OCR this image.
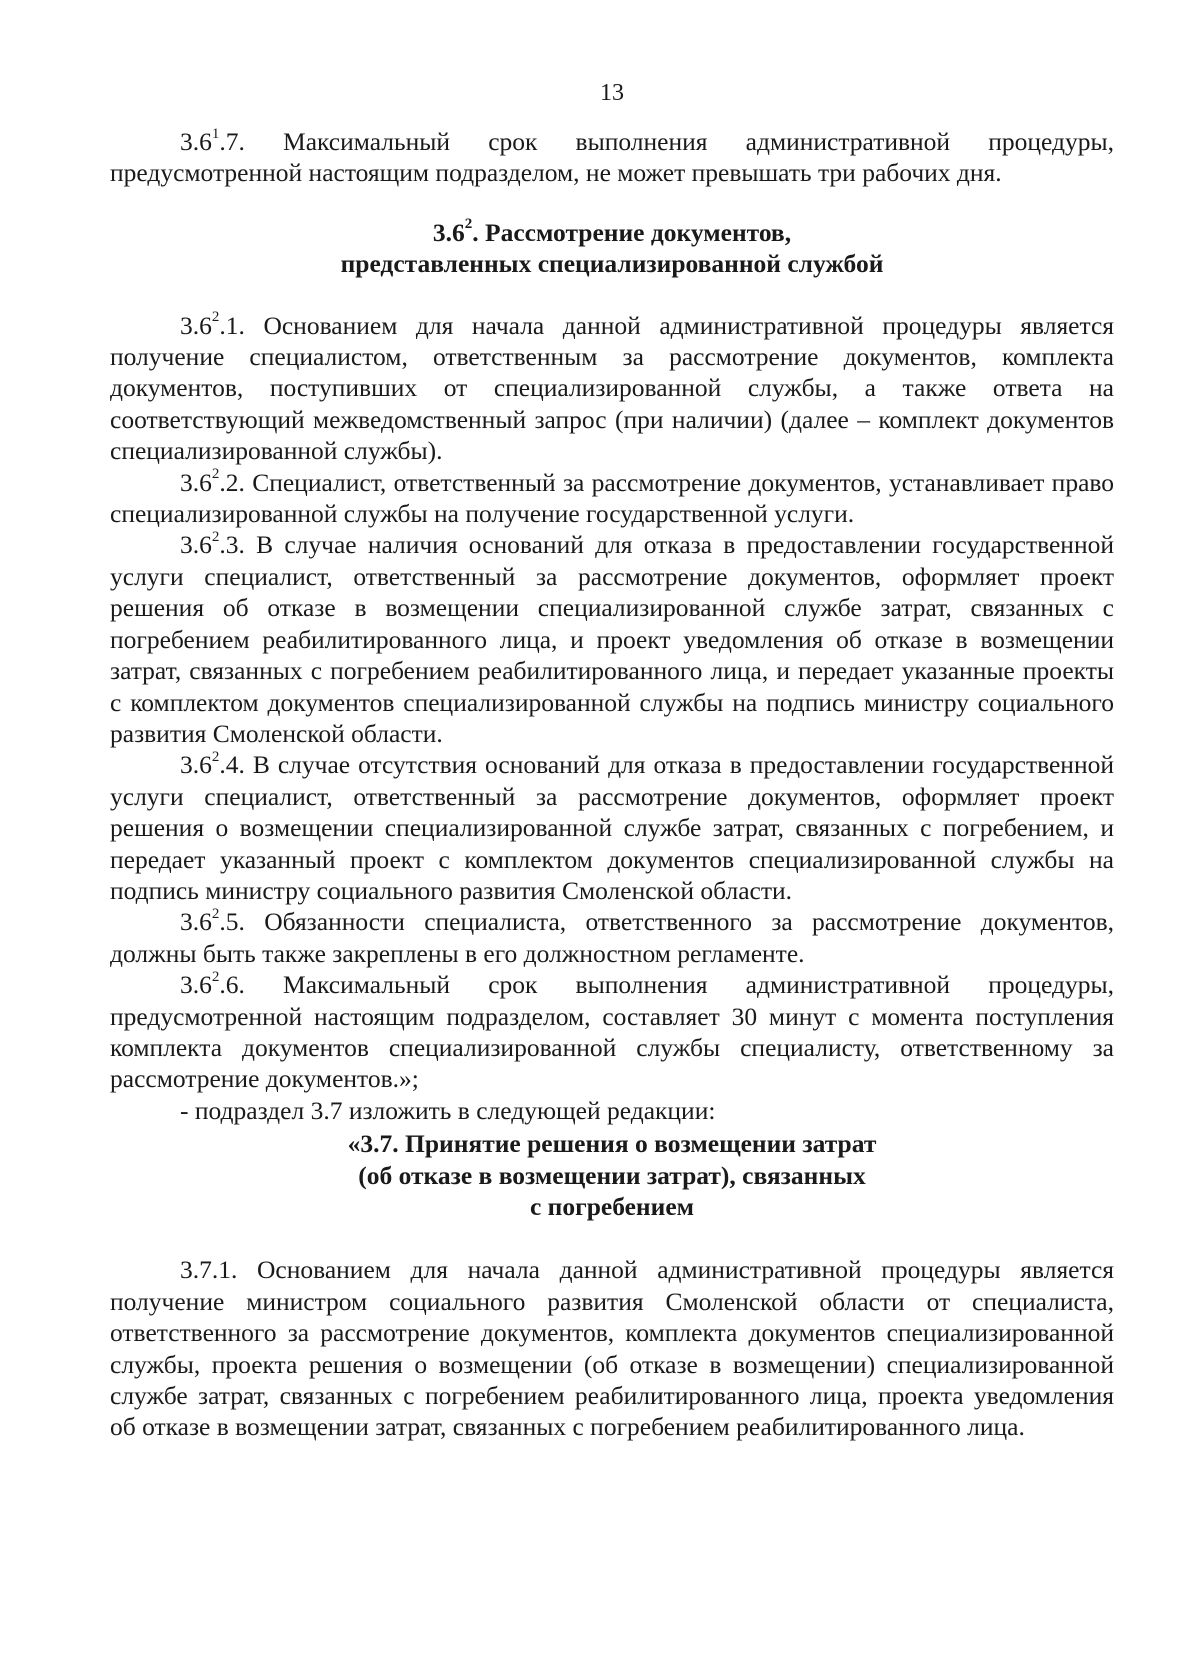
13

$3.6^1.7$. Максимальный срок выполнения административной процедуры, предусмотренной настоящим подразделом, не может превышать три рабочих дня.

$3.6^2$. Рассмотрение документов,

представленных специализированной службой

$3.6^2.1$. Основанием для начала данной административной процедуры является получение специалистом, ответственным за рассмотрение документов, комплекта документов, поступивших от специализированной службы, а также ответа на соответствующий межведомственный запрос (при наличии) (далее – комплект документов специализированной службы).

$3.6^2.2$. Специалист, ответственный за рассмотрение документов, устанавливает право специализированной службы на получение государственной услуги.

$3.6^2.3$. В случае наличия оснований для отказа в предоставлении государственной услуги специалист, ответственный за рассмотрение документов, оформляет проект решения об отказе в возмещении специализированной службе затрат, связанных с погребением реабилитированного лица, и проект уведомления об отказе в возмещении затрат, связанных с погребением реабилитированного лица, и передает указанные проекты с комплектом документов специализированной службы на подпись министру социального развития Смоленской области.

$3.6^2.4$. В случае отсутствия оснований для отказа в предоставлении государственной услуги специалист, ответственный за рассмотрение документов, оформляет проект решения о возмещении специализированной службе затрат, связанных с погребением, и передает указанный проект с комплектом документов специализированной службы на подпись министру социального развития Смоленской области.

$3.6^2.5$. Обязанности специалиста, ответственного за рассмотрение документов, должны быть также закреплены в его должностном регламенте.

$3.6^2.6$. Максимальный срок выполнения административной процедуры, предусмотренной настоящим подразделом, составляет 30 минут с момента поступления комплекта документов специализированной службы специалисту, ответственному за рассмотрение документов.»;

- подраздел 3.7 изложить в следующей редакции:

«3.7. Принятие решения о возмещении затрат

(об отказе в возмещении затрат), связанных

с погребением

3.7.1. Основанием для начала данной административной процедуры является получение министром социального развития Смоленской области от специалиста, ответственного за рассмотрение документов, комплекта документов специализированной службы, проекта решения о возмещении (об отказе в возмещении) специализированной службе затрат, связанных с погребением реабилитированного лица, проекта уведомления об отказе в возмещении затрат, связанных с погребением реабилитированного лица.
